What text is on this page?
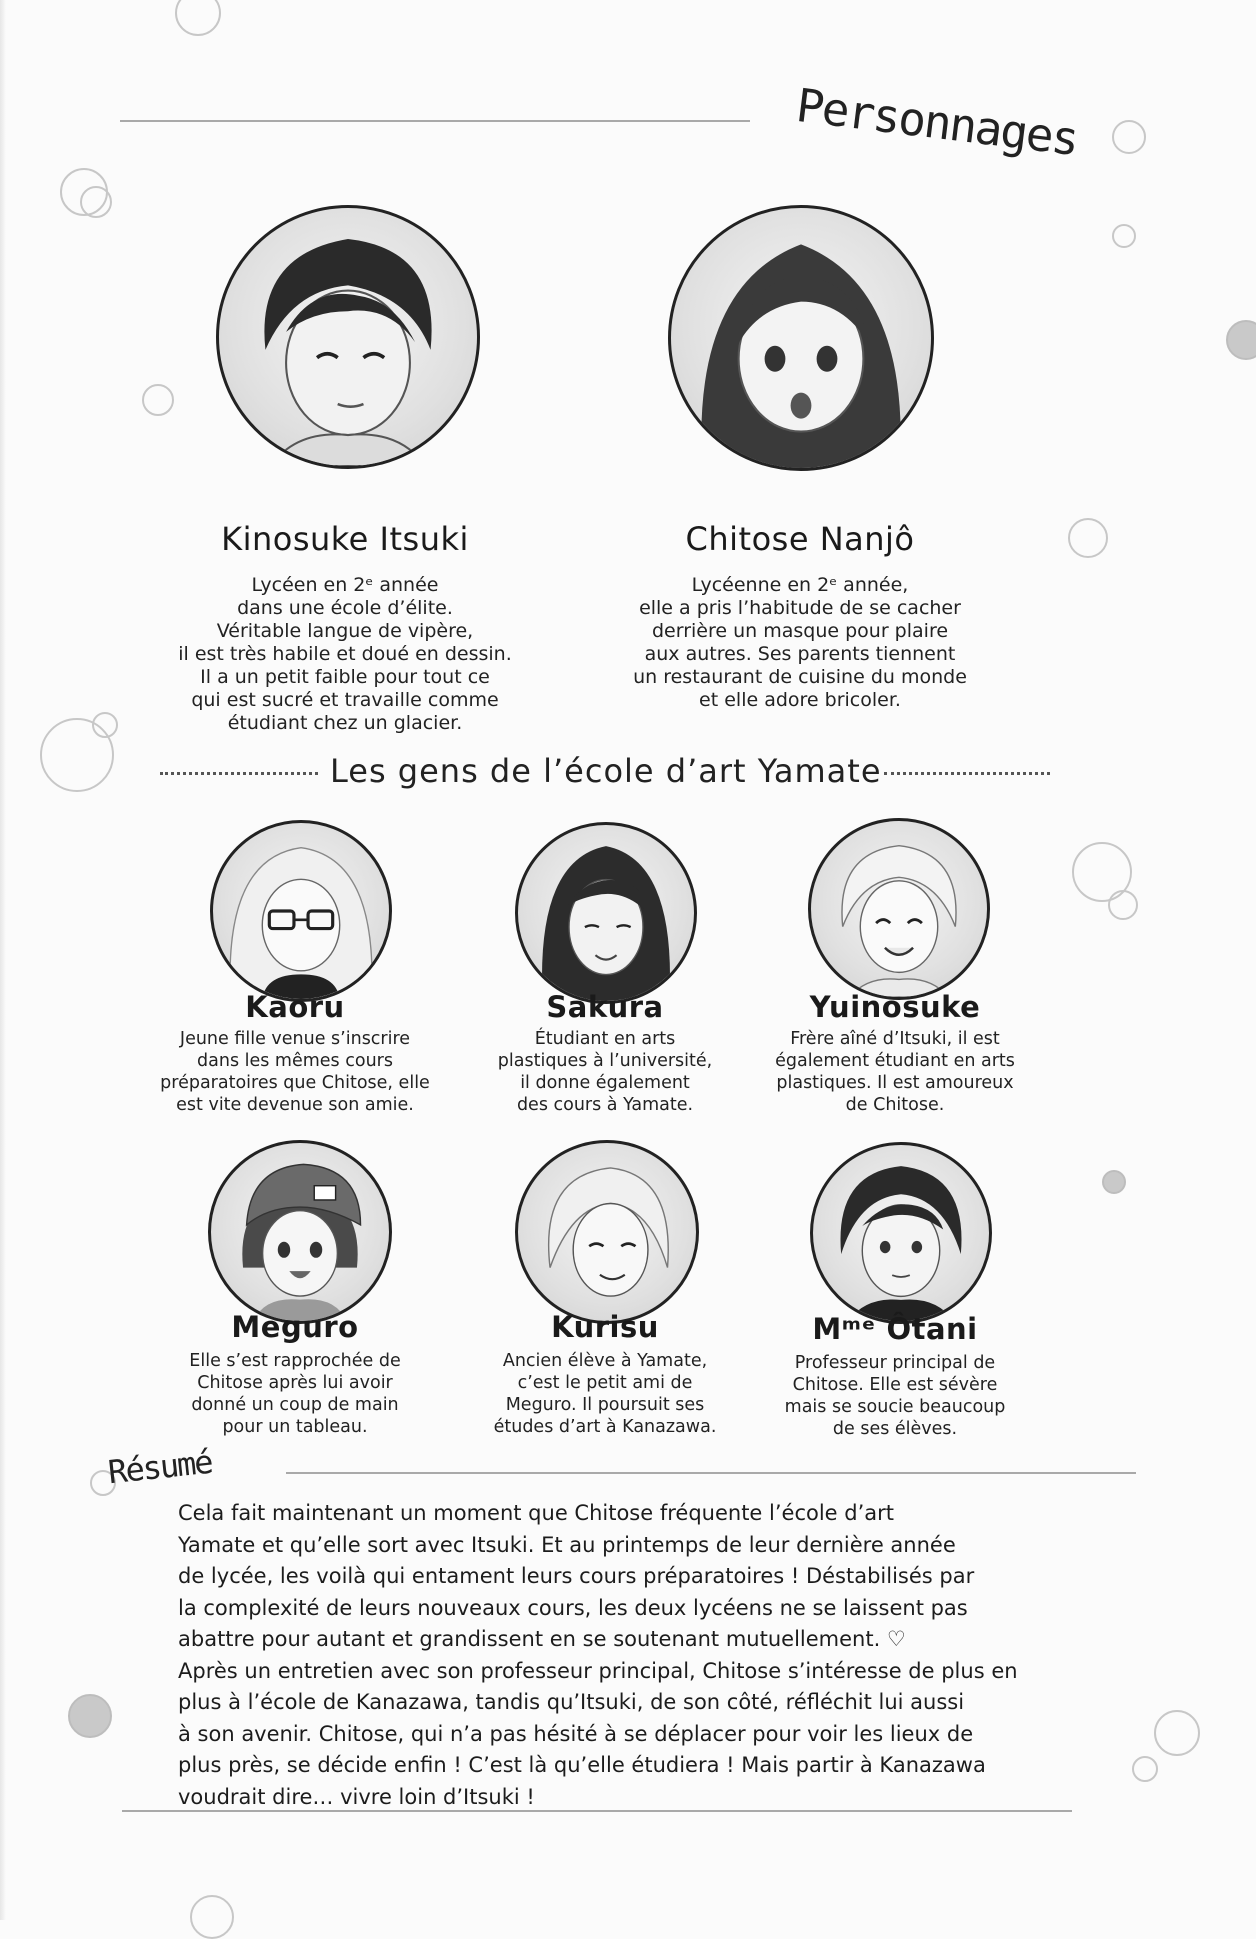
Personnages
Kinosuke Itsuki
Lycéen en 2ᵉ année
dans une école d’élite.
Véritable langue de vipère,
il est très habile et doué en dessin.
Il a un petit faible pour tout ce
qui est sucré et travaille comme
étudiant chez un glacier.
Chitose Nanjô
Lycéenne en 2ᵉ année,
elle a pris l’habitude de se cacher
derrière un masque pour plaire
aux autres. Ses parents tiennent
un restaurant de cuisine du monde
et elle adore bricoler.
Les gens de l’école d’art Yamate
Kaoru
Jeune fille venue s’inscrire
dans les mêmes cours
préparatoires que Chitose, elle
est vite devenue son amie.
Sakura
Étudiant en arts
plastiques à l’université,
il donne également
des cours à Yamate.
Yuinosuke
Frère aîné d’Itsuki, il est
également étudiant en arts
plastiques. Il est amoureux
de Chitose.
Meguro
Elle s’est rapprochée de
Chitose après lui avoir
donné un coup de main
pour un tableau.
Kurisu
Ancien élève à Yamate,
c’est le petit ami de
Meguro. Il poursuit ses
études d’art à Kanazawa.
Mᵐᵉ Ôtani
Professeur principal de
Chitose. Elle est sévère
mais se soucie beaucoup
de ses élèves.
Résumé
Cela fait maintenant un moment que Chitose fréquente l’école d’art
Yamate et qu’elle sort avec Itsuki. Et au printemps de leur dernière année
de lycée, les voilà qui entament leurs cours préparatoires ! Déstabilisés par
la complexité de leurs nouveaux cours, les deux lycéens ne se laissent pas
abattre pour autant et grandissent en se soutenant mutuellement. ♡
Après un entretien avec son professeur principal, Chitose s’intéresse de plus en
plus à l’école de Kanazawa, tandis qu’Itsuki, de son côté, réfléchit lui aussi
à son avenir. Chitose, qui n’a pas hésité à se déplacer pour voir les lieux de
plus près, se décide enfin ! C’est là qu’elle étudiera ! Mais partir à Kanazawa
voudrait dire… vivre loin d’Itsuki !
